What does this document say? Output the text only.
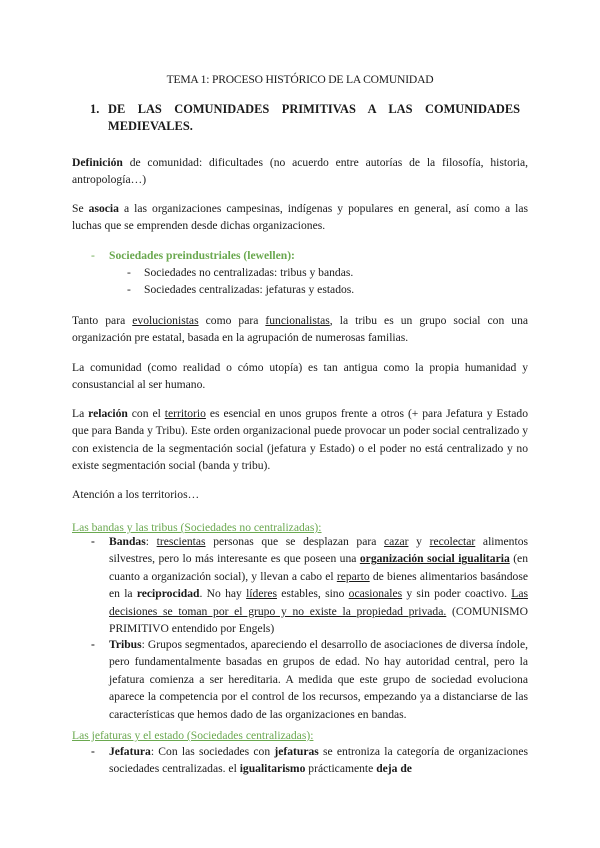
TEMA 1: PROCESO HISTÓRICO DE LA COMUNIDAD
1. DE LAS COMUNIDADES PRIMITIVAS A LAS COMUNIDADES MEDIEVALES.
Definición de comunidad: dificultades (no acuerdo entre autorías de la filosofía, historia, antropología…)
Se asocia a las organizaciones campesinas, indígenas y populares en general, así como a las luchas que se emprenden desde dichas organizaciones.
- Sociedades preindustriales (lewellen):
- Sociedades no centralizadas: tribus y bandas.
- Sociedades centralizadas: jefaturas y estados.
Tanto para evolucionistas como para funcionalistas, la tribu es un grupo social con una organización pre estatal, basada en la agrupación de numerosas familias.
La comunidad (como realidad o cómo utopía) es tan antigua como la propia humanidad y consustancial al ser humano.
La relación con el territorio es esencial en unos grupos frente a otros (+ para Jefatura y Estado que para Banda y Tribu). Este orden organizacional puede provocar un poder social centralizado y con existencia de la segmentación social (jefatura y Estado) o el poder no está centralizado y no existe segmentación social (banda y tribu).
Atención a los territorios…
Las bandas y las tribus (Sociedades no centralizadas):
- Bandas: trescientas personas que se desplazan para cazar y recolectar alimentos silvestres, pero lo más interesante es que poseen una organización social igualitaria (en cuanto a organización social), y llevan a cabo el reparto de bienes alimentarios basándose en la reciprocidad. No hay líderes estables, sino ocasionales y sin poder coactivo. Las decisiones se toman por el grupo y no existe la propiedad privada. (COMUNISMO PRIMITIVO entendido por Engels)
- Tribus: Grupos segmentados, apareciendo el desarrollo de asociaciones de diversa índole, pero fundamentalmente basadas en grupos de edad. No hay autoridad central, pero la jefatura comienza a ser hereditaria. A medida que este grupo de sociedad evoluciona aparece la competencia por el control de los recursos, empezando ya a distanciarse de las características que hemos dado de las organizaciones en bandas.
Las jefaturas y el estado (Sociedades centralizadas):
- Jefatura: Con las sociedades con jefaturas se entroniza la categoría de organizaciones sociedades centralizadas. el igualitarismo prácticamente deja de
